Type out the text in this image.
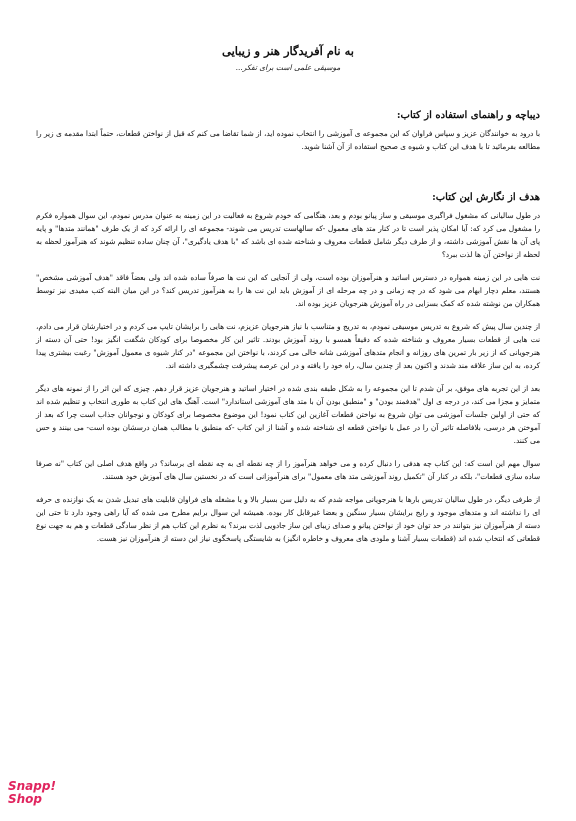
به نام آفریدگار هنر و زیبایی
موسیقی علمی است برای تفکر...
دیباچه و راهنمای استفاده از کتاب:
با درود به خوانندگان عزیز و سپاس فراوان که این مجموعه ی آموزشی را انتخاب نموده اید، از شما تقاضا می کنم که قبل از نواختن قطعات، حتماً ابتدا مقدمه ی زیر را مطالعه بفرمائید تا با هدف این کتاب و شیوه ی صحیح استفاده از آن آشنا شوید.
هدف از نگارش این کتاب:
در طول سالیانی که مشغول فراگیری موسیقی و ساز پیانو بودم و بعد، هنگامی که خودم شروع به فعالیت در این زمینه به عنوان مدرس نمودم، این سوال همواره فکرم را مشغول می کرد که: آیا امکان پذیر است تا در کنار متد های معمول -که سالهاست تدریس می شوند- مجموعه ای را ارائه کرد که از یک طرف "همانند متدها" و پایه پای آن ها نقش آموزشی داشته، و از طرف دیگر شامل قطعات معروف و شناخته شده ای باشد که "با هدف یادگیری"، آن چنان ساده تنظیم شوند که هنرآموز لحظه به لحظه از نواختن آن ها لذت ببرد؟
نت هایی در این زمینه همواره در دسترس اساتید و هنرآموزان بوده است، ولی از آنجایی که این نت ها صرفاً ساده شده اند ولی بعضاً فاقد "هدف آموزشی مشخص" هستند، معلم دچار ابهام می شود که در چه زمانی و در چه مرحله ای از آموزش باید این نت ها را به هنرآموز تدریس کند؟ در این میان البته کتب مفیدی نیز توسط همکاران من نوشته شده که کمک بسزایی در راه آموزش هنرجویان عزیز بوده اند.
از چندین سال پیش که شروع به تدریس موسیقی نمودم، به تدریج و متناسب با نیاز هنرجویان عزیزم، نت هایی را برایشان تایپ می کردم و در اختیارشان قرار می دادم، نت هایی از قطعات بسیار معروف و شناخته شده که دقیقاً همسو با روند آموزش بودند. تاثیر این کار مخصوصا برای کودکان شگفت انگیز بود! حتی آن دسته از هنرجویانی که از زیر بار تمرین های روزانه و انجام متدهای آموزشی شانه خالی می کردند، با نواختن این مجموعه "در کنار شیوه ی معمول آموزش" رغبت بیشتری پیدا کرده، به این ساز علاقه مند شدند و اکنون بعد از چندین سال، راه خود را یافته و در این عرصه پیشرفت چشمگیری داشته اند.
بعد از این تجربه های موفق، بر آن شدم تا این مجموعه را به شکل طبقه بندی شده در اختیار اساتید و هنرجویان عزیز قرار دهم. چیزی که این اثر را از نمونه های دیگر متمایز و مجزا می کند، در درجه ی اول "هدفمند بودن" و "منطبق بودن آن با متد های آموزشی استاندارد" است. آهنگ های این کتاب به طوری انتخاب و تنظیم شده اند که حتی از اولین جلسات آموزشی می توان شروع به نواختن قطعات آغازین این کتاب نمود! این موضوع مخصوصا برای کودکان و نوجوانان جذاب است چرا که بعد از آموختن هر درسی، بلافاصله تاثیر آن را در عمل با نواختن قطعه ای شناخته شده و آشنا از این کتاب -که منطبق با مطالب همان درسشان بوده است- می بینند و حس می کنند.
سوال مهم این است که: این کتاب چه هدفی را دنبال کرده و می خواهد هنرآموز را از چه نقطه ای به چه نقطه ای برساند؟ در واقع هدف اصلی این کتاب "نه صرفا ساده سازی قطعات"، بلکه در کنار آن "تکمیل روند آموزشی متد های معمول" برای هنرآموزانی است که در نخستین سال های آموزش خود هستند.
از طرفی دیگر، در طول سالیان تدریس بارها با هنرجویانی مواجه شدم که به دلیل سن بسیار بالا و یا مشغله های فراوان قابلیت های تبدیل شدن به یک نوازنده ی حرفه ای را نداشته اند و متدهای موجود و رایج برایشان بسیار سنگین و بعضا غیرقابل کار بوده. همیشه این سوال برایم مطرح می شده که آیا راهی وجود دارد تا حتی این دسته از هنرآموزان نیز بتوانند در حد توان خود از نواختن پیانو و صدای زیبای این ساز جادویی لذت ببرند؟ به نظرم این کتاب هم از نظر سادگی قطعات و هم به جهت نوع قطعاتی که انتخاب شده اند (قطعات بسیار آشنا و ملودی های معروف و خاطره انگیز) به شایستگی پاسخگوی نیاز این دسته از هنرآموزان نیز هست.
Snapp!
Shop
